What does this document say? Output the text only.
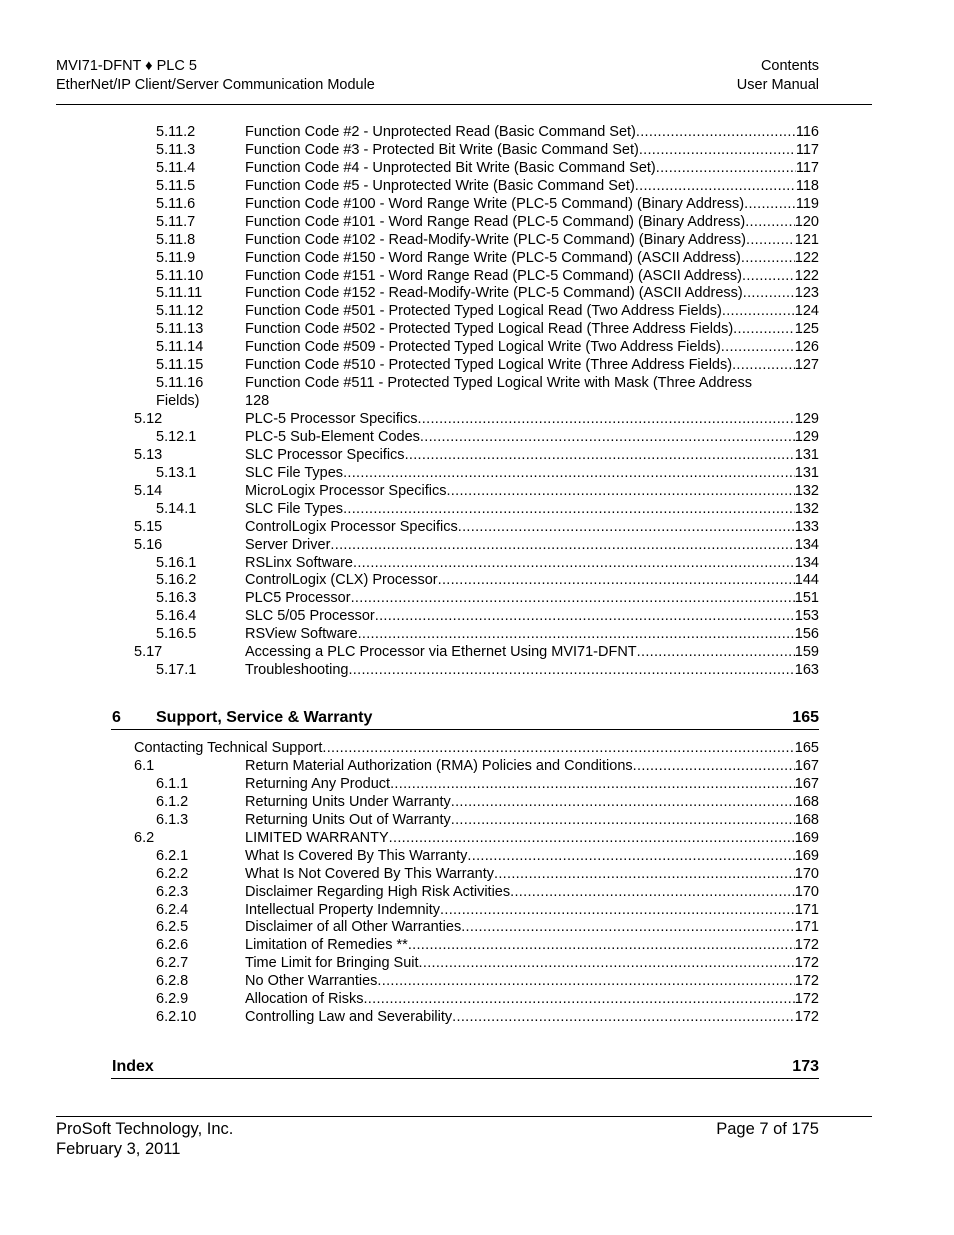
MVI71-DFNT ♦ PLC 5
EtherNet/IP Client/Server Communication Module
Contents
User Manual
5.11.2	Function Code #2 - Unprotected Read (Basic Command Set) .....	116
5.11.3	Function Code #3 - Protected Bit Write (Basic Command Set) .....	117
5.11.4	Function Code #4 - Unprotected Bit Write (Basic Command Set) .....	117
5.11.5	Function Code #5 - Unprotected Write (Basic Command Set) .....	118
5.11.6	Function Code #100 - Word Range Write (PLC-5 Command) (Binary Address) .....	119
5.11.7	Function Code #101 - Word Range Read (PLC-5 Command) (Binary Address) .....	120
5.11.8	Function Code #102 - Read-Modify-Write (PLC-5 Command) (Binary Address) .....	121
5.11.9	Function Code #150 - Word Range Write (PLC-5 Command) (ASCII Address) .....	122
5.11.10	Function Code #151 - Word Range Read (PLC-5 Command) (ASCII Address) .....	122
5.11.11	Function Code #152 - Read-Modify-Write (PLC-5 Command) (ASCII Address) .....	123
5.11.12	Function Code #501 - Protected Typed Logical Read (Two Address Fields) .....	124
5.11.13	Function Code #502 - Protected Typed Logical Read (Three Address Fields) .....	125
5.11.14	Function Code #509 - Protected Typed Logical Write (Two Address Fields) .....	126
5.11.15	Function Code #510 - Protected Typed Logical Write (Three Address Fields) .....	127
5.11.16	Function Code #511 - Protected Typed Logical Write with Mask (Three Address
Fields)	128
5.12	PLC-5 Processor Specifics .....	129
5.12.1	PLC-5 Sub-Element Codes .....	129
5.13	SLC Processor Specifics .....	131
5.13.1	SLC File Types .....	131
5.14	MicroLogix Processor Specifics .....	132
5.14.1	SLC File Types .....	132
5.15	ControlLogix Processor Specifics .....	133
5.16	Server Driver .....	134
5.16.1	RSLinx Software .....	134
5.16.2	ControlLogix (CLX) Processor .....	144
5.16.3	PLC5 Processor .....	151
5.16.4	SLC 5/05 Processor .....	153
5.16.5	RSView Software .....	156
5.17	Accessing a PLC Processor via Ethernet Using MVI71-DFNT .....	159
5.17.1	Troubleshooting .....	163
6 Support, Service & Warranty	165
Contacting Technical Support .....	165
6.1	Return Material Authorization (RMA) Policies and Conditions .....	167
6.1.1	Returning Any Product .....	167
6.1.2	Returning Units Under Warranty .....	168
6.1.3	Returning Units Out of Warranty .....	168
6.2	LIMITED WARRANTY .....	169
6.2.1	What Is Covered By This Warranty .....	169
6.2.2	What Is Not Covered By This Warranty .....	170
6.2.3	Disclaimer Regarding High Risk Activities .....	170
6.2.4	Intellectual Property Indemnity .....	171
6.2.5	Disclaimer of all Other Warranties .....	171
6.2.6	Limitation of Remedies ** .....	172
6.2.7	Time Limit for Bringing Suit .....	172
6.2.8	No Other Warranties .....	172
6.2.9	Allocation of Risks .....	172
6.2.10	Controlling Law and Severability .....	172
Index	173
ProSoft Technology, Inc.
February 3, 2011
Page 7 of 175
